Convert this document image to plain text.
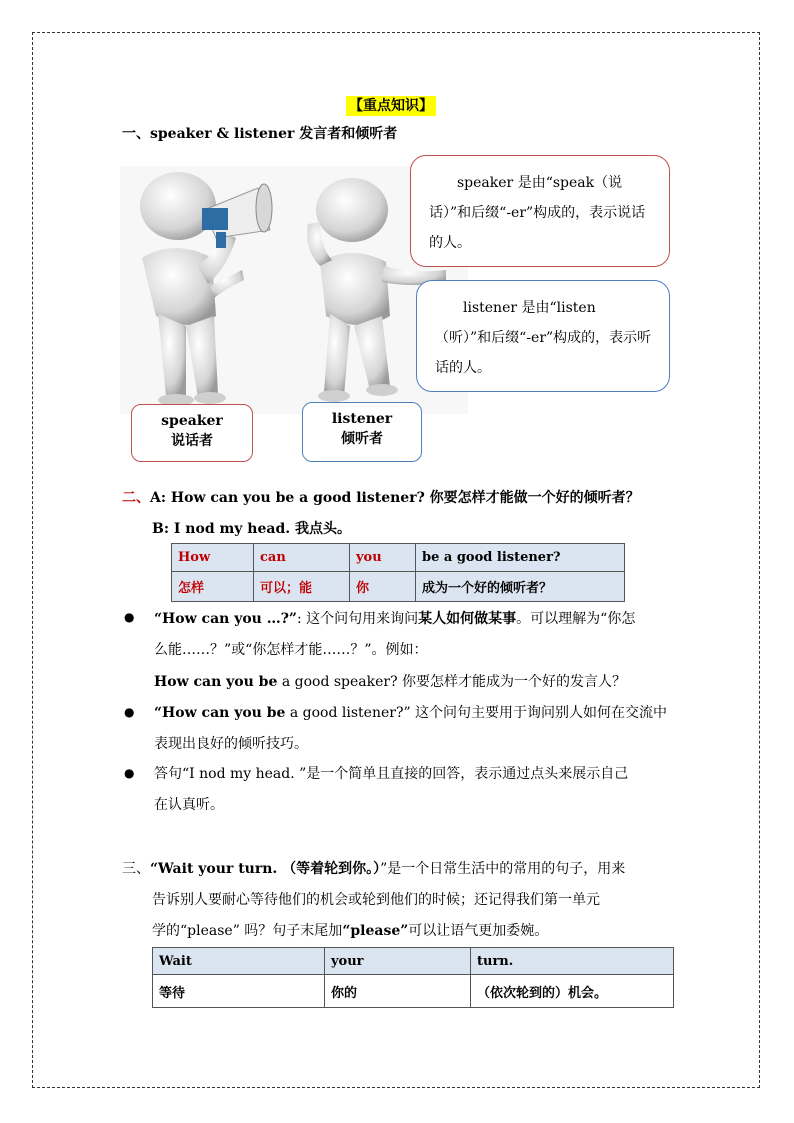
【重点知识】
一、speaker & listener 发言者和倾听者
speaker 是由“speak（说话）”和后缀“-er”构成的，表示说话的人。
listener 是由“listen （听）”和后缀“-er”构成的，表示听话的人。
speaker
说话者
listener
倾听者
二、A: How can you be a good listener? 你要怎样才能做一个好的倾听者？
B: I nod my head. 我点头。
How	can	you	be a good listener?
怎样	可以；能	你	成为一个好的倾听者？
● “How can you …?”: 这个问句用来询问某人如何做某事。可以理解为“你怎
么能……？”或“你怎样才能……？”。例如：
How can you be a good speaker? 你要怎样才能成为一个好的发言人？
● “How can you be a good listener?” 这个问句主要用于询问别人如何在交流中
表现出良好的倾听技巧。
● 答句“I nod my head. ”是一个简单且直接的回答，表示通过点头来展示自己
在认真听。
三、“Wait your turn. （等着轮到你。）”是一个日常生活中的常用的句子，用来
告诉别人要耐心等待他们的机会或轮到他们的时候；还记得我们第一单元
学的“please” 吗？句子末尾加“please”可以让语气更加委婉。
Wait	your	turn.
等待	你的	（依次轮到的）机会。
